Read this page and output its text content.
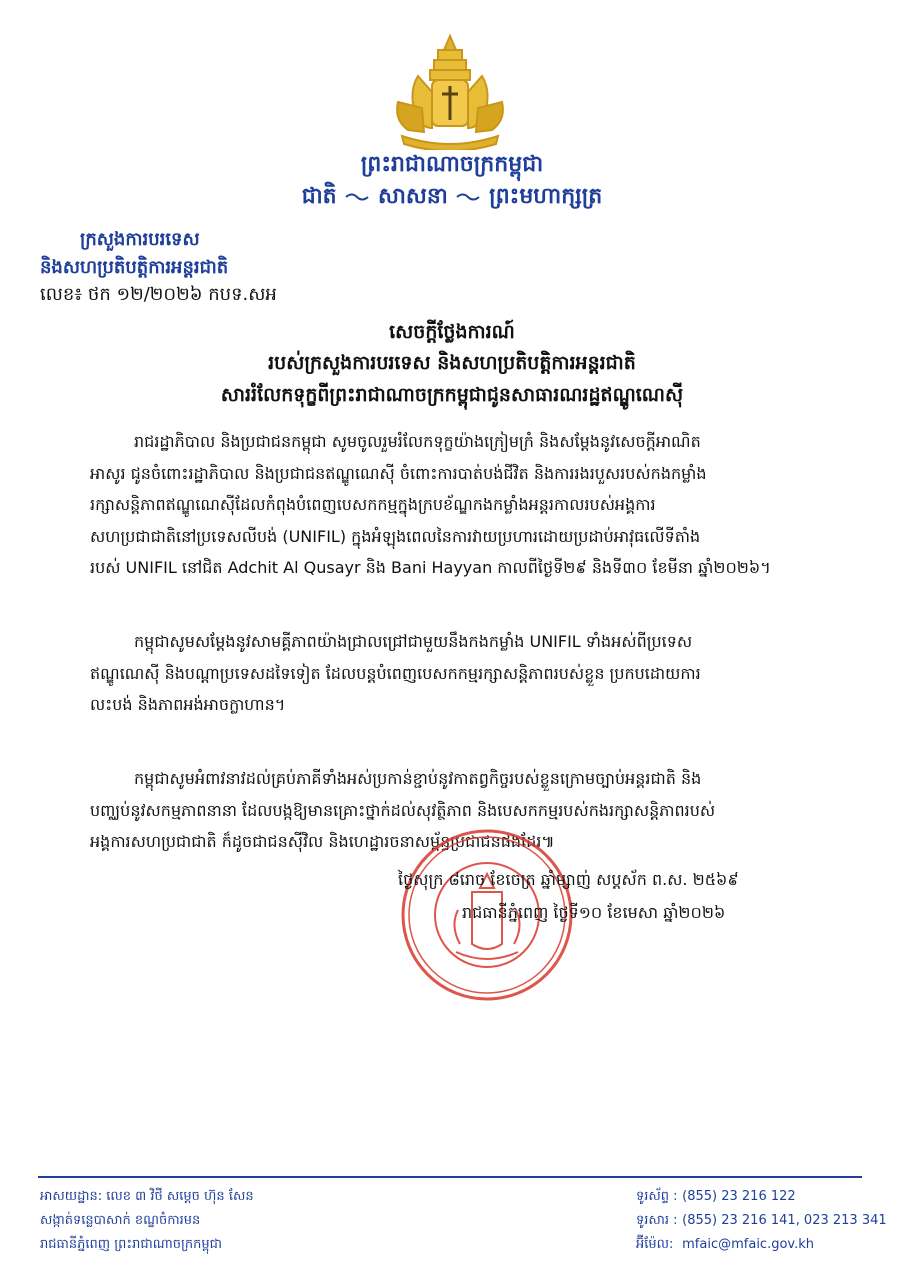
ព្រះរាជាណាចក្រកម្ពុជា
ជាតិ សាសនា ព្រះមហាក្សត្រ
ក្រសួងការបរទេស
និងសហប្រតិបត្តិការអន្តរជាតិ
លេខ៖ ថក ១២/២០២៦ កបទ.សអ
សេចក្តីថ្លែងការណ៍
របស់ក្រសួងការបរទេស និងសហប្រតិបត្តិការអន្តរជាតិ
សាររំលែកទុក្ខពីព្រះរាជាណាចក្រកម្ពុជាជូនសាធារណរដ្ឋឥណ្ឌូណេស៊ី
រាជរដ្ឋាភិបាល និងប្រជាជនកម្ពុជា សូមចូលរួមរំលែកទុក្ខយ៉ាងក្រៀមក្រំ និងសម្តែងនូវសេចក្តីអាណិត
អាសូរ ជូនចំពោះរដ្ឋាភិបាល និងប្រជាជនឥណ្ឌូណេស៊ី ចំពោះការបាត់បង់ជីវិត និងការរងរបួសរបស់កងកម្លាំង
រក្សាសន្តិភាពឥណ្ឌូណេស៊ីដែលកំពុងបំពេញបេសកកម្មក្នុងក្របខ័ណ្ឌកងកម្លាំងអន្តរកាលរបស់អង្គការ
សហប្រជាជាតិនៅប្រទេសលីបង់ (UNIFIL) ក្នុងអំឡុងពេលនៃការវាយប្រហារដោយប្រដាប់អាវុធលើទីតាំង
របស់ UNIFIL នៅជិត Adchit Al Qusayr និង Bani Hayyan កាលពីថ្ងៃទី២៩ និងទី៣០ ខែមីនា ឆ្នាំ២០២៦។
កម្ពុជាសូមសម្តែងនូវសាមគ្គីភាពយ៉ាងជ្រាលជ្រៅជាមួយនឹងកងកម្លាំង UNIFIL ទាំងអស់ពីប្រទេស
ឥណ្ឌូណេស៊ី និងបណ្តាប្រទេសដទៃទៀត ដែលបន្តបំពេញបេសកកម្មរក្សាសន្តិភាពរបស់ខ្លួន ប្រកបដោយការ
លះបង់ និងភាពអង់អាចក្លាហាន។
កម្ពុជាសូមអំពាវនាវដល់គ្រប់ភាគីទាំងអស់ប្រកាន់ខ្ជាប់នូវកាតព្វកិច្ចរបស់ខ្លួនក្រោមច្បាប់អន្តរជាតិ និង
បញ្ឈប់នូវសកម្មភាពនានា ដែលបង្កឱ្យមានគ្រោះថ្នាក់ដល់សុវត្ថិភាព និងបេសកកម្មរបស់កងរក្សាសន្តិភាពរបស់
អង្គការសហប្រជាជាតិ ក៏ដូចជាជនស៊ីវិល និងហេដ្ឋារចនាសម្ព័ន្ធប្រជាជនផងដែរ៕
ថ្ងៃសុក្រ ៨រោច ខែចេត្រ ឆ្នាំម្សាញ់ សប្តស័ក ព.ស. ២៥៦៩
រាជធានីភ្នំពេញ ថ្ងៃទី១០ ខែមេសា ឆ្នាំ២០២៦
អាសយដ្ឋាន: លេខ ៣ វិថី សម្តេច ហ៊ុន សែន
សង្កាត់ទន្លេបាសាក់ ខណ្ឌចំការមន
រាជធានីភ្នំពេញ ព្រះរាជាណាចក្រកម្ពុជា
ទូរស័ព្ទ : (855) 23 216 122
ទូរសារ : (855) 23 216 141, 023 213 341
អ៊ីម៉ែល: mfaic@mfaic.gov.kh
